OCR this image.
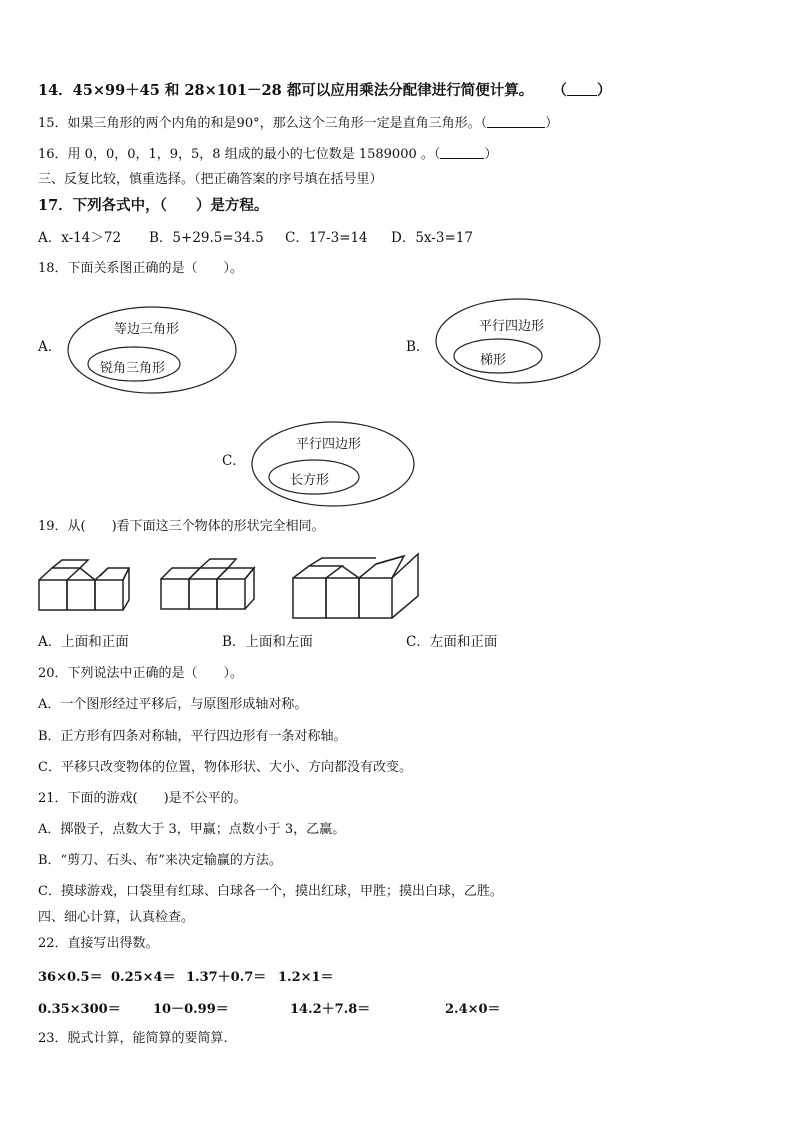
14．45×99＋45 和 28×101－28 都可以应用乘法分配律进行简便计算。 （ ）
15．如果三角形的两个内角的和是90°，那么这个三角形一定是直角三角形。（	）
16．用 0，0，0，1，9，5，8 组成的最小的七位数是 1589000 。（	）
三、反复比较，慎重选择。（把正确答案的序号填在括号里）
17．下列各式中，（　　）是方程。
A．x-14＞72 B．5+29.5=34.5 C．17-3=14 D．5x-3=17
18．下面关系图正确的是（　　）。
A．
等边三角形
锐角三角形
B．
平行四边形
梯形
C．
平行四边形
长方形
19．从(　　)看下面这三个物体的形状完全相同。
A．上面和正面	B．上面和左面	C．左面和正面
20．下列说法中正确的是（　　）。
A．一个图形经过平移后，与原图形成轴对称。
B．正方形有四条对称轴，平行四边形有一条对称轴。
C．平移只改变物体的位置，物体形状、大小、方向都没有改变。
21．下面的游戏(　　)是不公平的。
A．掷骰子，点数大于 3，甲赢；点数小于 3，乙赢。
B．“剪刀、石头、布”来决定输赢的方法。
C．摸球游戏，口袋里有红球、白球各一个，摸出红球，甲胜；摸出白球，乙胜。
四、细心计算，认真检查。
22．直接写出得数。
36×0.5＝ 0.25×4＝ 1.37＋0.7＝ 1.2×1＝
0.35×300＝ 10－0.99＝	14.2＋7.8＝	2.4×0＝
23．脱式计算，能简算的要简算.
